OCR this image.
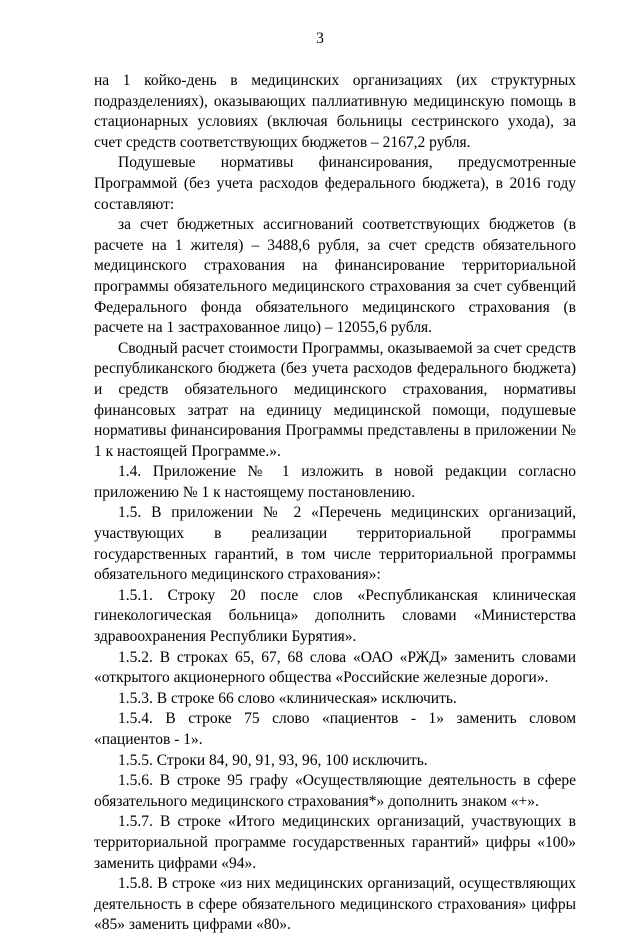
3

на 1 койко-день в медицинских организациях (их структурных подразделениях), оказывающих паллиативную медицинскую помощь в стационарных условиях (включая больницы сестринского ухода), за счет средств соответствующих бюджетов – 2167,2 рубля.

Подушевые нормативы финансирования, предусмотренные Программой (без учета расходов федерального бюджета), в 2016 году составляют:

за счет бюджетных ассигнований соответствующих бюджетов (в расчете на 1 жителя) – 3488,6 рубля, за счет средств обязательного медицинского страхования на финансирование территориальной программы обязательного медицинского страхования за счет субвенций Федерального фонда обязательного медицинского страхования (в расчете на 1 застрахованное лицо) – 12055,6 рубля.

Сводный расчет стоимости Программы, оказываемой за счет средств республиканского бюджета (без учета расходов федерального бюджета) и средств обязательного медицинского страхования, нормативы финансовых затрат на единицу медицинской помощи, подушевые нормативы финансирования Программы представлены в приложении № 1 к настоящей Программе.».

1.4. Приложение № 1 изложить в новой редакции согласно приложению № 1 к настоящему постановлению.

1.5. В приложении № 2 «Перечень медицинских организаций, участвующих в реализации территориальной программы государственных гарантий, в том числе территориальной программы обязательного медицинского страхования»:

1.5.1. Строку 20 после слов «Республиканская клиническая гинекологическая больница» дополнить словами «Министерства здравоохранения Республики Бурятия».

1.5.2. В строках 65, 67, 68 слова «ОАО «РЖД» заменить словами «открытого акционерного общества «Российские железные дороги».

1.5.3. В строке 66 слово «клиническая» исключить.

1.5.4. В строке 75 слово «пациентов - 1» заменить словом «пациентов - 1».

1.5.5. Строки 84, 90, 91, 93, 96, 100 исключить.

1.5.6. В строке 95 графу «Осуществляющие деятельность в сфере обязательного медицинского страхования*» дополнить знаком «+».

1.5.7. В строке «Итого медицинских организаций, участвующих в территориальной программе государственных гарантий» цифры «100» заменить цифрами «94».

1.5.8. В строке «из них медицинских организаций, осуществляющих деятельность в сфере обязательного медицинского страхования» цифры «85» заменить цифрами «80».
